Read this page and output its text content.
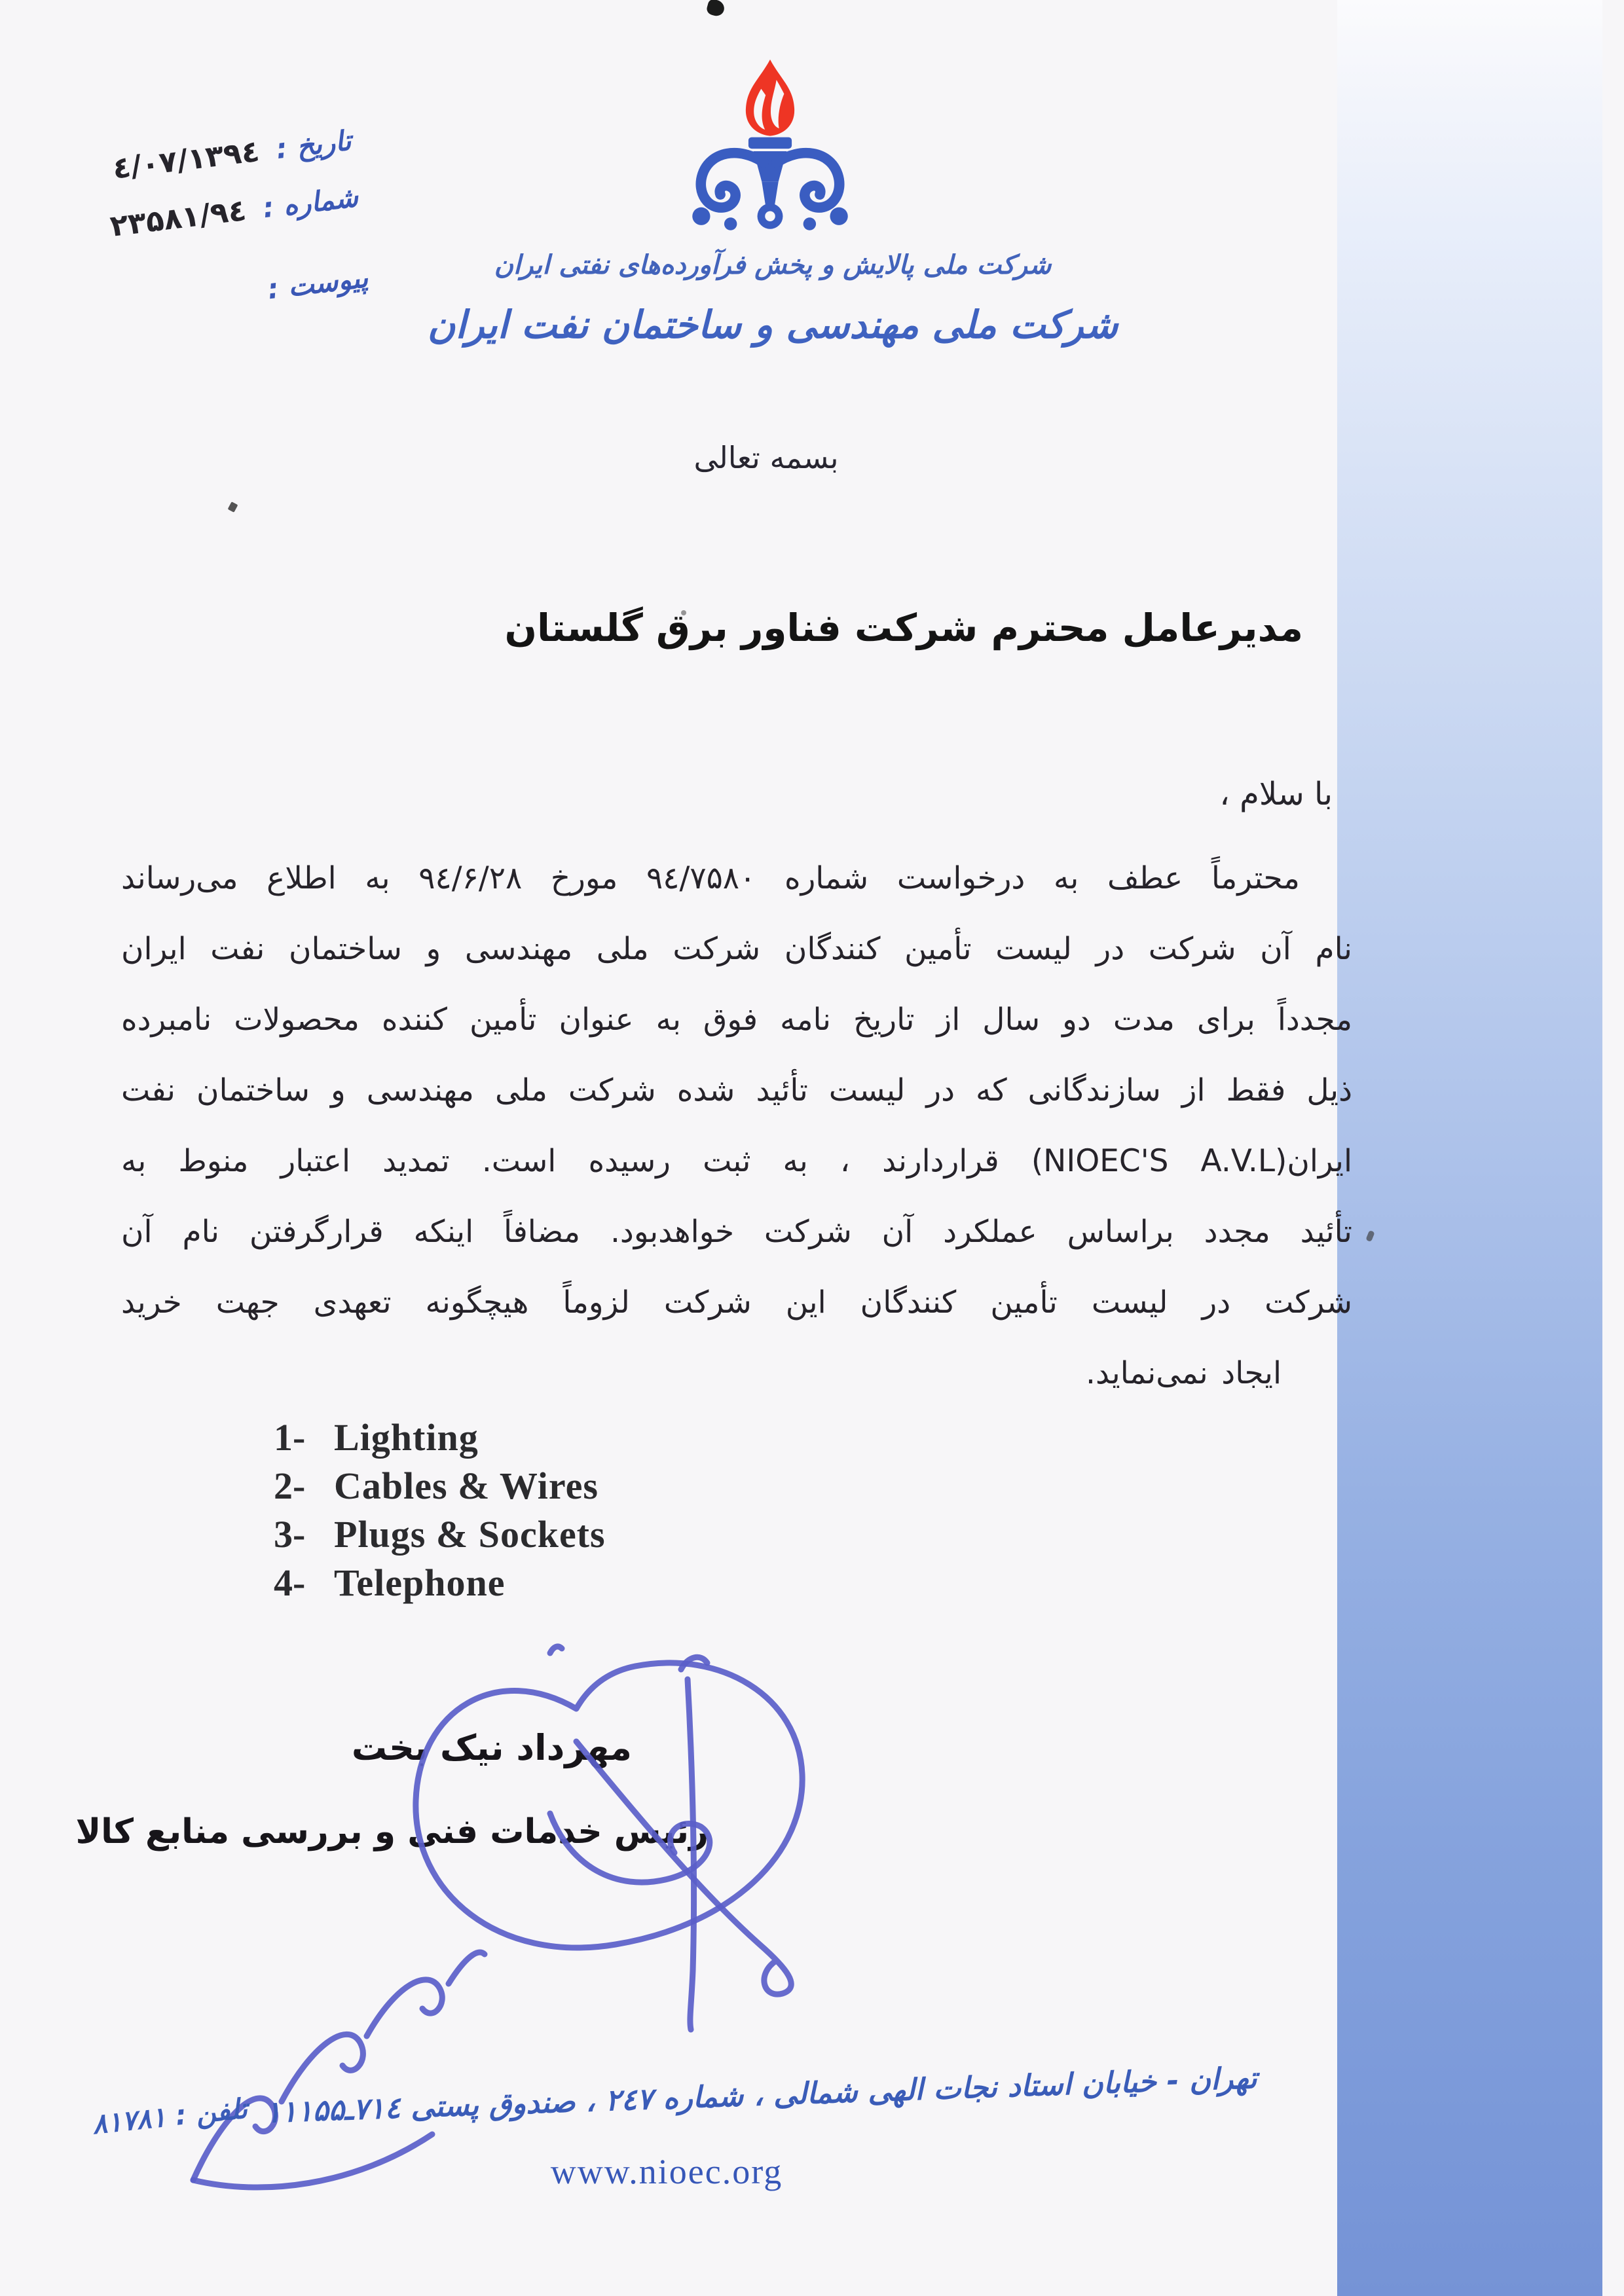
تاریخ :
۱۳۹٤/۰۷/٤
شماره :
۹٤/۲۳۵۸۱
پیوست :	شرکت ملی پالایش و پخش فرآورده‌های نفتی ایران
شرکت ملی مهندسی و ساختمان نفت ایران
بسمه تعالی
مدیرعامل محترم شرکت فناور برق گلستان
با سلام ،
محترماً عطف به درخواست شماره ۹٤/۷۵۸۰ مورخ ۹٤/۶/۲۸ به اطلاع می‌رساند
نام آن شرکت در لیست تأمین کنندگان شرکت ملی مهندسی و ساختمان نفت ایران
مجدداً برای مدت دو سال از تاریخ نامه فوق به عنوان تأمین کننده محصولات نامبرده
ذیل فقط از سازندگانی که در لیست تأئید شده شرکت ملی مهندسی و ساختمان نفت
ایران(NIOEC'S A.V.L) قراردارند ، به ثبت رسیده است. تمدید اعتبار منوط به
تأئید مجدد براساس عملکرد آن شرکت خواهدبود. مضافاً اینکه قرارگرفتن نام آن
شرکت در لیست تأمین کنندگان این شرکت لزوماً هیچگونه تعهدی جهت خرید
ایجاد نمی‌نماید.
1- Lighting
2- Cables & Wires
3- Plugs & Sockets
4- Telephone
مهرداد نیک بخت
رئیس خدمات فنی و بررسی منابع کالا
تهران - خیابان استاد نجات الهی شمالی ، شماره ۲٤۷ ، صندوق پستی ۱۱۱۵۵ـ۷۱٤
تلفن : ۸۱۷۸۱
www.nioec.org
